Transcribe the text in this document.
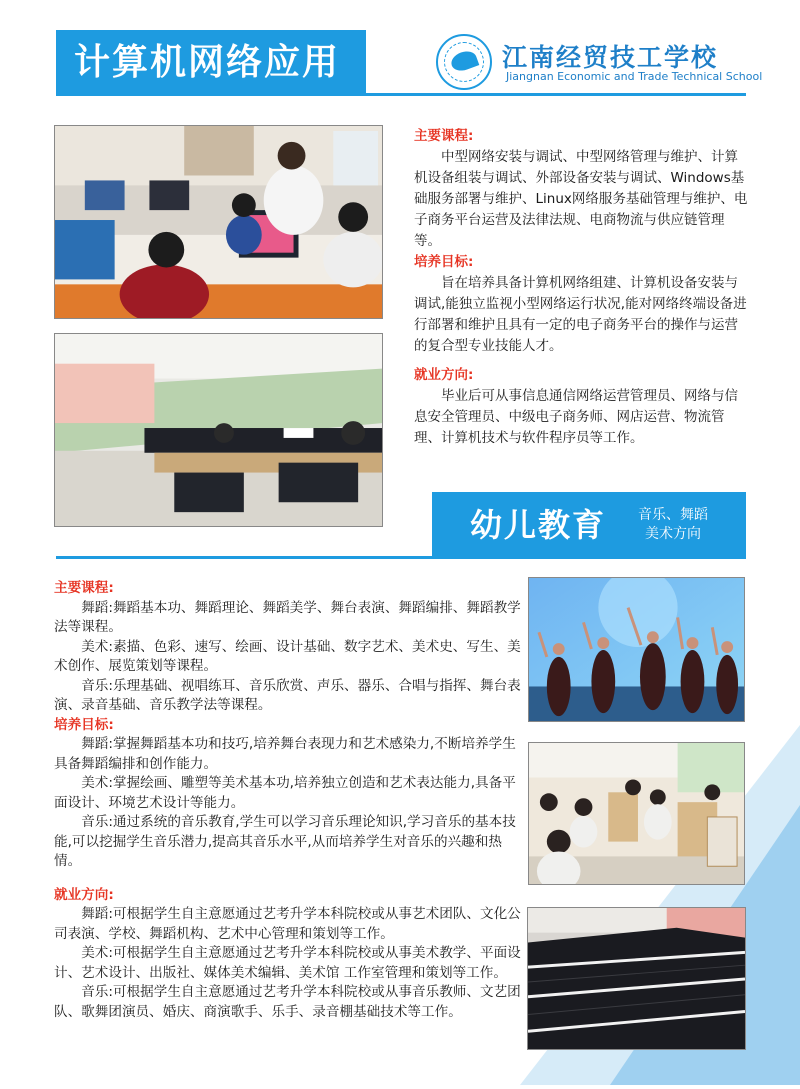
计算机网络应用	江南经贸技工学校
Jiangnan Economic and Trade Technical School
主要课程:
中型网络安装与调试、中型网络管理与维护、计算机设备组装与调试、外部设备安装与调试、Windows基础服务部署与维护、Linux网络服务基础管理与维护、电子商务平台运营及法律法规、电商物流与供应链管理等。
培养目标:
旨在培养具备计算机网络组建、计算机设备安装与调试,能独立监视小型网络运行状况,能对网络终端设备进行部署和维护且具有一定的电子商务平台的操作与运营的复合型专业技能人才。
就业方向:
毕业后可从事信息通信网络运营管理员、网络与信息安全管理员、中级电子商务师、网店运营、物流管理、计算机技术与软件程序员等工作。
幼儿教育 音乐、舞蹈
美术方向
主要课程:
舞蹈:舞蹈基本功、舞蹈理论、舞蹈美学、舞台表演、舞蹈编排、舞蹈教学法等课程。
美术:素描、色彩、速写、绘画、设计基础、数字艺术、美术史、写生、美术创作、展览策划等课程。
音乐:乐理基础、视唱练耳、音乐欣赏、声乐、器乐、合唱与指挥、舞台表演、录音基础、音乐教学法等课程。
培养目标:
舞蹈:掌握舞蹈基本功和技巧,培养舞台表现力和艺术感染力,不断培养学生具备舞蹈编排和创作能力。
美术:掌握绘画、雕塑等美术基本功,培养独立创造和艺术表达能力,具备平面设计、环境艺术设计等能力。
音乐:通过系统的音乐教育,学生可以学习音乐理论知识,学习音乐的基本技能,可以挖掘学生音乐潜力,提高其音乐水平,从而培养学生对音乐的兴趣和热情。
就业方向:
舞蹈:可根据学生自主意愿通过艺考升学本科院校或从事艺术团队、文化公司表演、学校、舞蹈机构、艺术中心管理和策划等工作。
美术:可根据学生自主意愿通过艺考升学本科院校或从事美术教学、平面设计、艺术设计、出版社、媒体美术编辑、美术馆 工作室管理和策划等工作。
音乐:可根据学生自主意愿通过艺考升学本科院校或从事音乐教师、文艺团队、歌舞团演员、婚庆、商演歌手、乐手、录音棚基础技术等工作。
